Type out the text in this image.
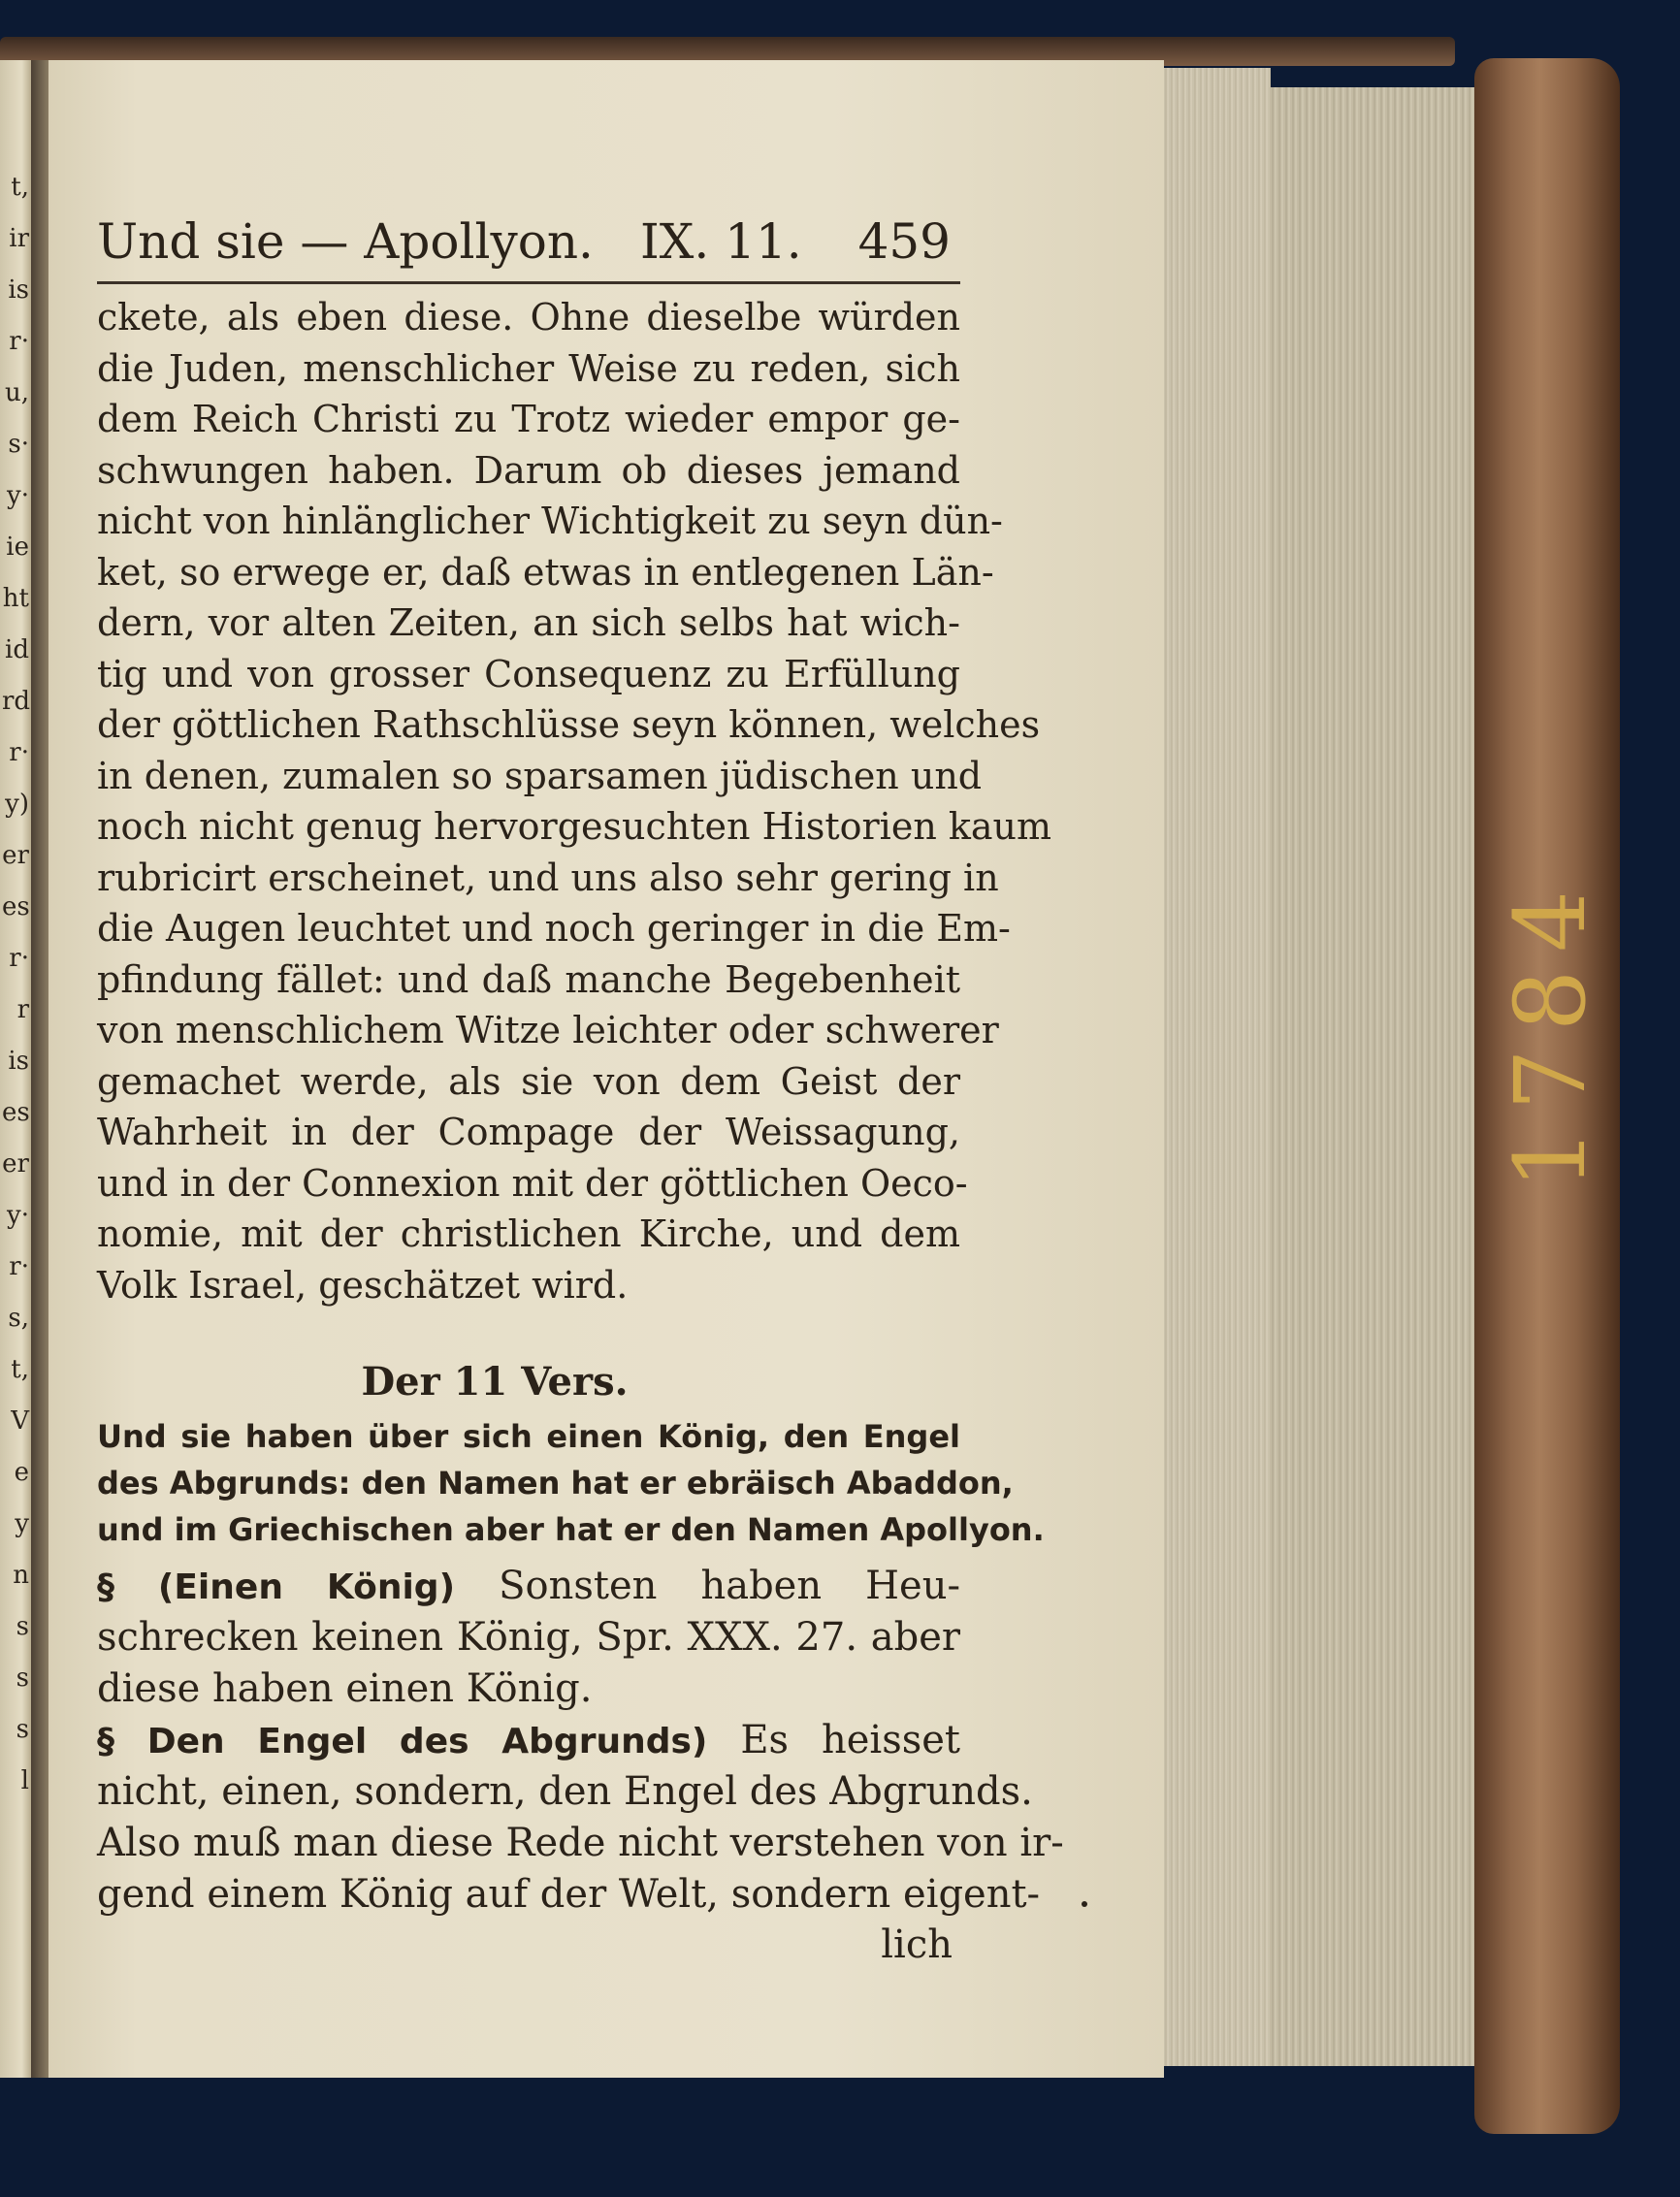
t,
ir
is
r·
u,
s·
y·
ie
ht
id
rd
r·
y)
er
es
r·
r
is
es
er
y·
r·
s,
t,
V
e
y
n
s
s
s
l
1784
Und sie — Apollyon. IX. 11. 459
ckete, als eben diese. Ohne dieselbe würden
die Juden, menschlicher Weise zu reden, sich
dem Reich Christi zu Trotz wieder empor ge-
schwungen haben. Darum ob dieses jemand
nicht von hinlänglicher Wichtigkeit zu seyn dün-
ket, so erwege er, daß etwas in entlegenen Län-
dern, vor alten Zeiten, an sich selbs hat wich-
tig und von grosser Consequenz zu Erfüllung
der göttlichen Rathschlüsse seyn können, welches
in denen, zumalen so sparsamen jüdischen und
noch nicht genug hervorgesuchten Historien kaum
rubricirt erscheinet, und uns also sehr gering in
die Augen leuchtet und noch geringer in die Em-
pfindung fället: und daß manche Begebenheit
von menschlichem Witze leichter oder schwerer
gemachet werde, als sie von dem Geist der
Wahrheit in der Compage der Weissagung,
und in der Connexion mit der göttlichen Oeco-
nomie, mit der christlichen Kirche, und dem
Volk Israel, geschätzet wird.
Der 11 Vers.
Und sie haben über sich einen König, den Engel
des Abgrunds: den Namen hat er ebräisch Abaddon,
und im Griechischen aber hat er den Namen Apollyon.
§ (Einen König) Sonsten haben Heu-
schrecken keinen König, Spr. XXX. 27. aber
diese haben einen König.
§ Den Engel des Abgrunds) Es heisset
nicht, einen, sondern, den Engel des Abgrunds.
Also muß man diese Rede nicht verstehen von ir-
gend einem König auf der Welt, sondern eigent-
lich
